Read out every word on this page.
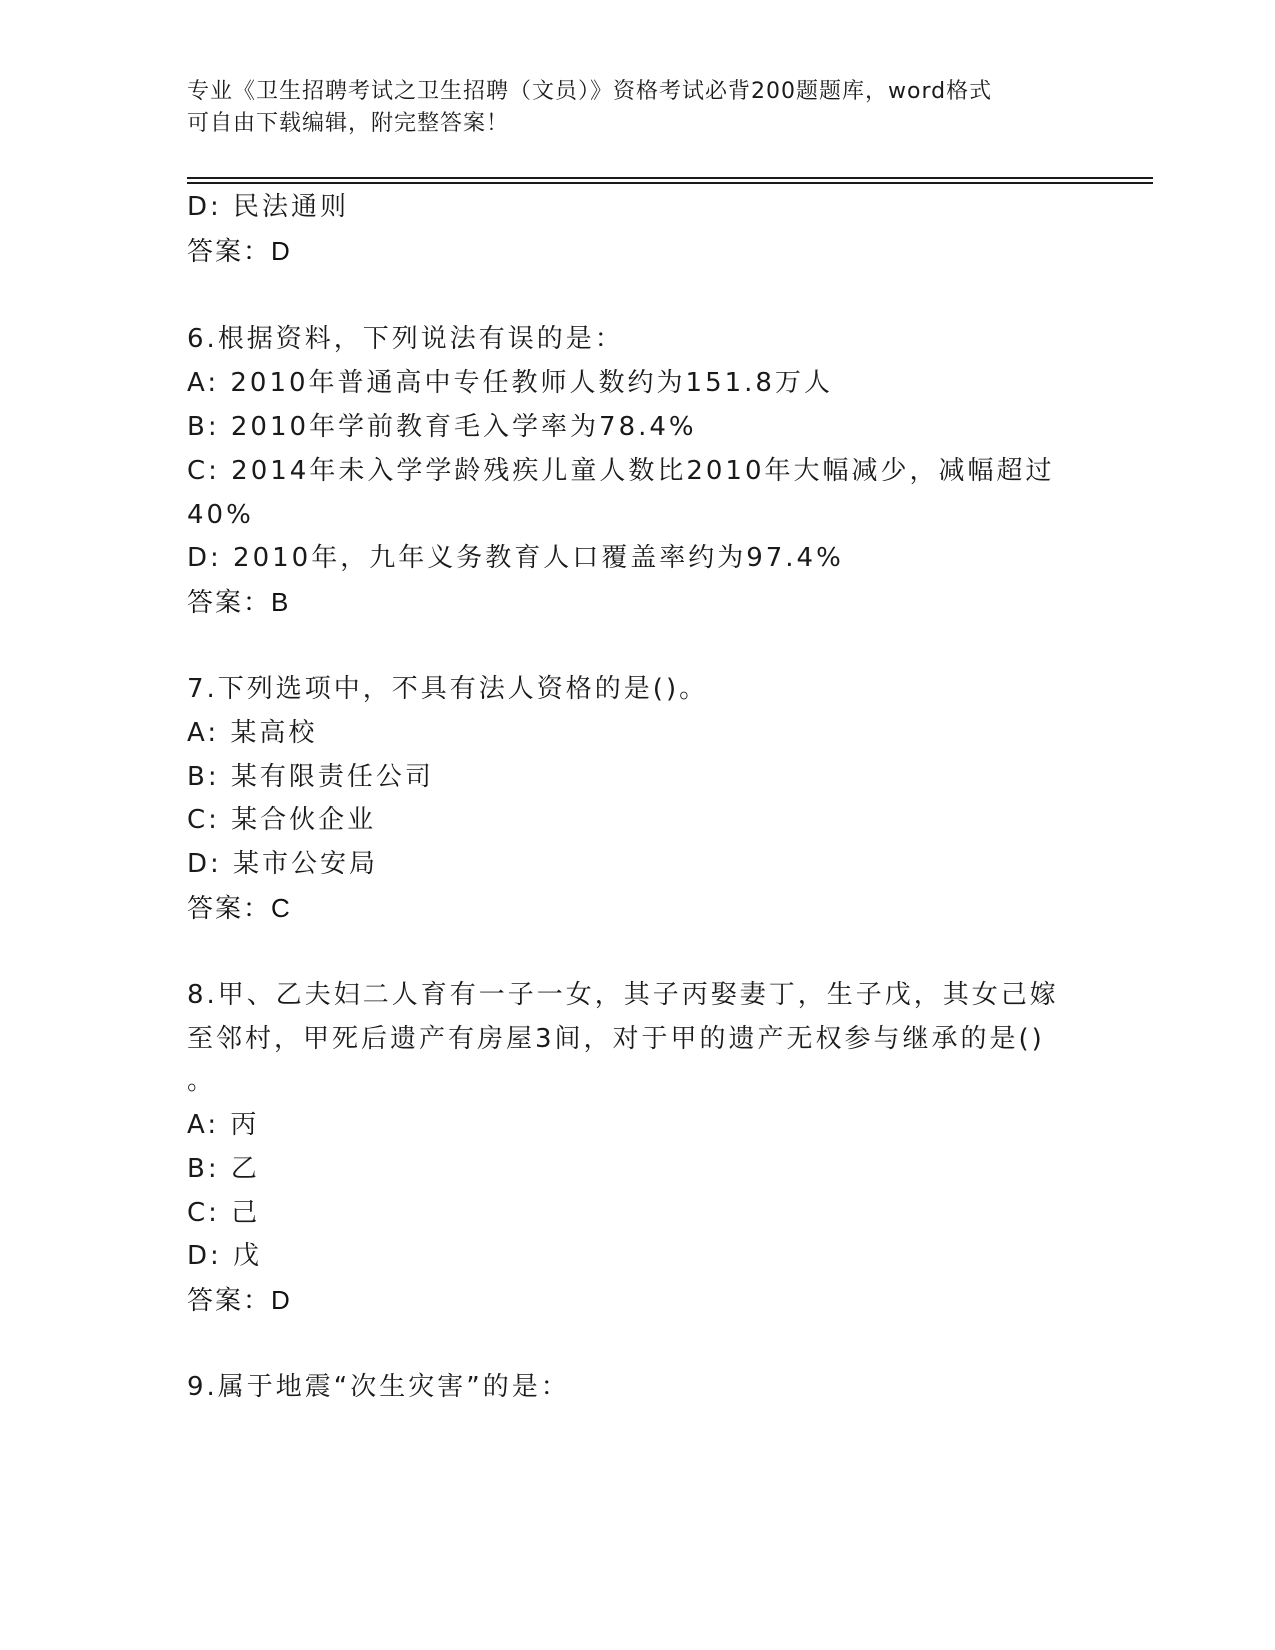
专业《卫生招聘考试之卫生招聘（文员）》资格考试必背200题题库，word格式
可自由下载编辑，附完整答案！
D: 民法通则
答案：D
6.根据资料，下列说法有误的是：
A: 2010年普通高中专任教师人数约为151.8万人
B: 2010年学前教育毛入学率为78.4%
C: 2014年未入学学龄残疾儿童人数比2010年大幅减少，减幅超过
40%
D: 2010年，九年义务教育人口覆盖率约为97.4%
答案：B
7.下列选项中，不具有法人资格的是()。
A: 某高校
B: 某有限责任公司
C: 某合伙企业
D: 某市公安局
答案：C
8.甲、乙夫妇二人育有一子一女，其子丙娶妻丁，生子戊，其女己嫁
至邻村，甲死后遗产有房屋3间，对于甲的遗产无权参与继承的是()
。
A: 丙
B: 乙
C: 己
D: 戊
答案：D
9.属于地震“次生灾害”的是：
